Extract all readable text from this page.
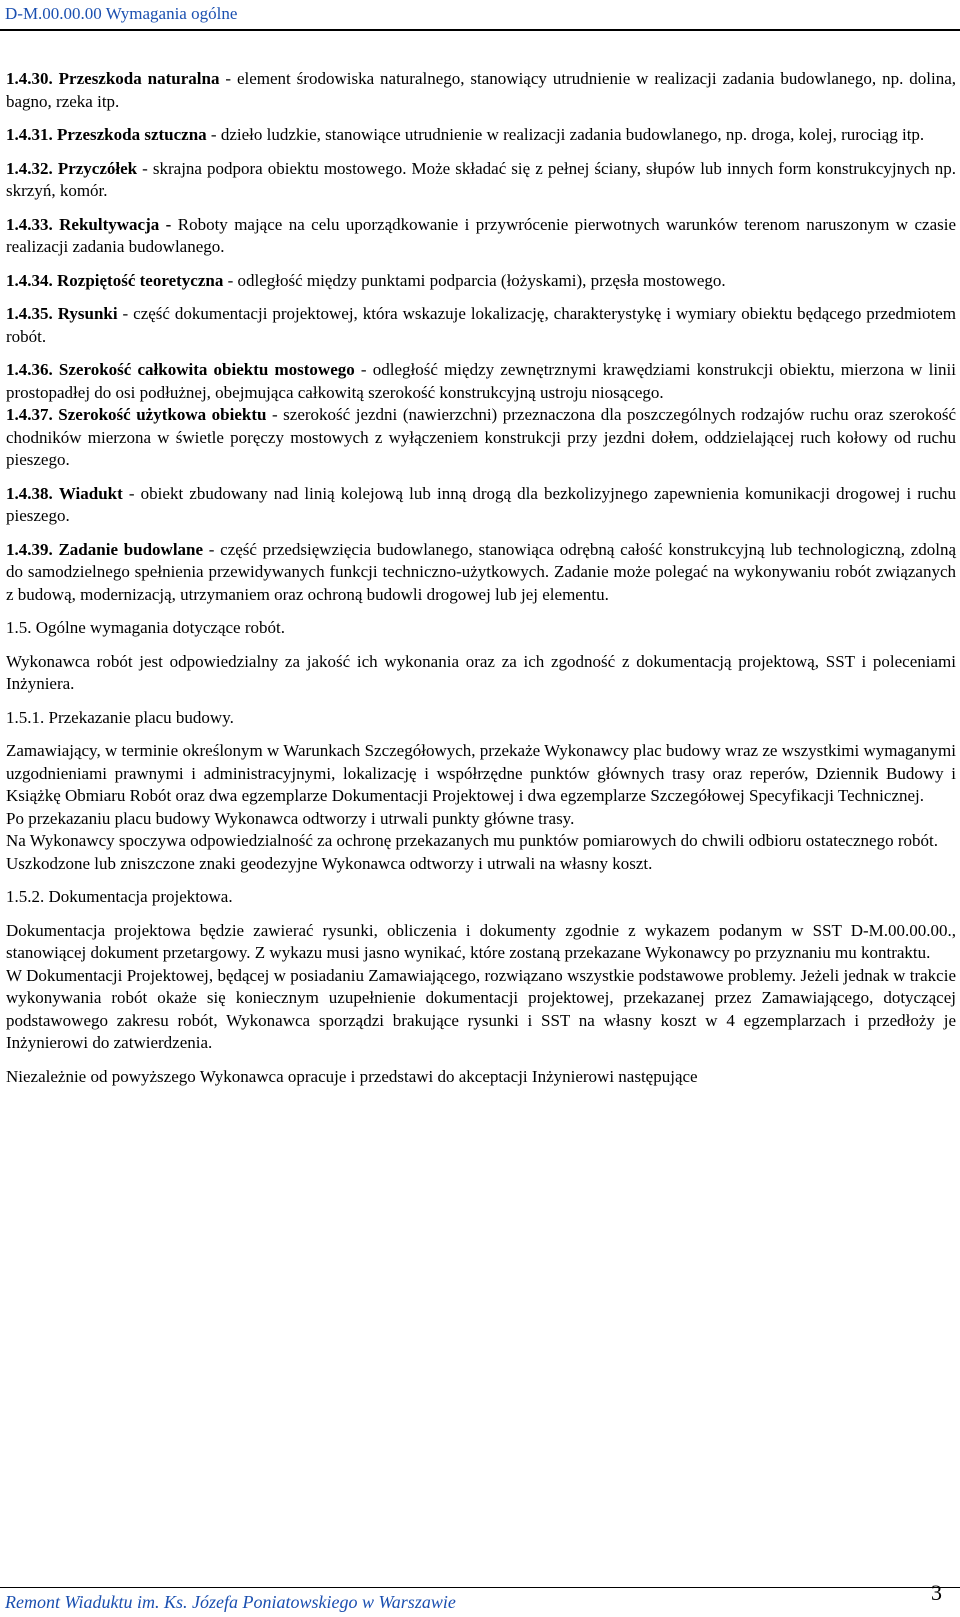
D-M.00.00.00 Wymagania ogólne

1.4.30. Przeszkoda naturalna - element środowiska naturalnego, stanowiący utrudnienie w realizacji zadania budowlanego, np. dolina, bagno, rzeka itp.

1.4.31. Przeszkoda sztuczna - dzieło ludzkie, stanowiące utrudnienie w realizacji zadania budowlanego, np. droga, kolej, rurociąg itp.

1.4.32. Przyczółek - skrajna podpora obiektu mostowego. Może składać się z pełnej ściany, słupów lub innych form konstrukcyjnych np. skrzyń, komór.

1.4.33. Rekultywacja - Roboty mające na celu uporządkowanie i przywrócenie pierwotnych warunków terenom naruszonym w czasie realizacji zadania budowlanego.

1.4.34. Rozpiętość teoretyczna - odległość między punktami podparcia (łożyskami), przęsła mostowego.

1.4.35. Rysunki - część dokumentacji projektowej, która wskazuje lokalizację, charakterystykę i wymiary obiektu będącego przedmiotem robót.

1.4.36. Szerokość całkowita obiektu mostowego - odległość między zewnętrznymi krawędziami konstrukcji obiektu, mierzona w linii prostopadłej do osi podłużnej, obejmująca całkowitą szerokość konstrukcyjną ustroju niosącego.

1.4.37. Szerokość użytkowa obiektu - szerokość jezdni (nawierzchni) przeznaczona dla poszczególnych rodzajów ruchu oraz szerokość chodników mierzona w świetle poręczy mostowych z wyłączeniem konstrukcji przy jezdni dołem, oddzielającej ruch kołowy od ruchu pieszego.

1.4.38. Wiadukt - obiekt zbudowany nad linią kolejową lub inną drogą dla bezkolizyjnego zapewnienia komunikacji drogowej i ruchu pieszego.

1.4.39. Zadanie budowlane - część przedsięwzięcia budowlanego, stanowiąca odrębną całość konstrukcyjną lub technologiczną, zdolną do samodzielnego spełnienia przewidywanych funkcji techniczno-użytkowych. Zadanie może polegać na wykonywaniu robót związanych z budową, modernizacją, utrzymaniem oraz ochroną budowli drogowej lub jej elementu.

1.5. Ogólne wymagania dotyczące robót.

Wykonawca robót jest odpowiedzialny za jakość ich wykonania oraz za ich zgodność z dokumentacją projektową, SST i poleceniami Inżyniera.

1.5.1. Przekazanie placu budowy.

Zamawiający, w terminie określonym w Warunkach Szczegółowych, przekaże Wykonawcy plac budowy wraz ze wszystkimi wymaganymi uzgodnieniami prawnymi i administracyjnymi, lokalizację i współrzędne punktów głównych trasy oraz reperów, Dziennik Budowy i Książkę Obmiaru Robót oraz dwa egzemplarze Dokumentacji Projektowej i dwa egzemplarze Szczegółowej Specyfikacji Technicznej.

Po przekazaniu placu budowy Wykonawca odtworzy i utrwali punkty główne trasy.

Na Wykonawcy spoczywa odpowiedzialność za ochronę przekazanych mu punktów pomiarowych do chwili odbioru ostatecznego robót.

Uszkodzone lub zniszczone znaki geodezyjne Wykonawca odtworzy i utrwali na własny koszt.

1.5.2. Dokumentacja projektowa.

Dokumentacja projektowa będzie zawierać rysunki, obliczenia i dokumenty zgodnie z wykazem podanym w SST D-M.00.00.00., stanowiącej dokument przetargowy. Z wykazu musi jasno wynikać, które zostaną przekazane Wykonawcy po przyznaniu mu kontraktu.

W Dokumentacji Projektowej, będącej w posiadaniu Zamawiającego, rozwiązano wszystkie podstawowe problemy. Jeżeli jednak w trakcie wykonywania robót okaże się koniecznym uzupełnienie dokumentacji projektowej, przekazanej przez Zamawiającego, dotyczącej podstawowego zakresu robót, Wykonawca sporządzi brakujące rysunki i SST na własny koszt w 4 egzemplarzach i przedłoży je Inżynierowi do zatwierdzenia.

Niezależnie od powyższego Wykonawca opracuje i przedstawi do akceptacji Inżynierowi następujące

Remont Wiaduktu im. Ks. Józefa Poniatowskiego w Warszawie	3
